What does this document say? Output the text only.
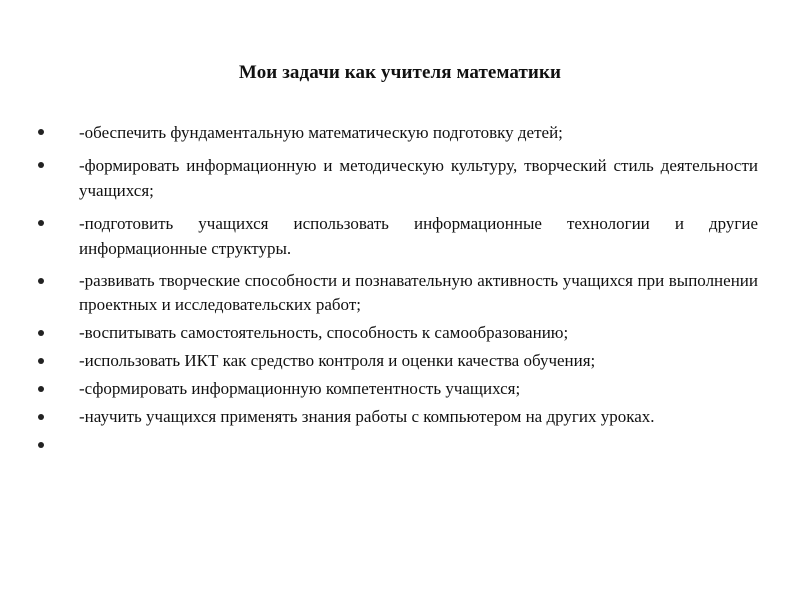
Мои задачи как учителя математики
-обеспечить фундаментальную математическую подготовку детей;
-формировать информационную и методическую культуру, творческий стиль деятельности учащихся;
-подготовить учащихся использовать информационные технологии и другие информационные структуры.
-развивать творческие способности и познавательную активность учащихся при выполнении проектных и исследовательских работ;
-воспитывать самостоятельность, способность к самообразованию;
-использовать ИКТ как средство контроля и оценки качества обучения;
-сформировать информационную компетентность учащихся;
-научить учащихся применять знания работы с компьютером на других уроках.
